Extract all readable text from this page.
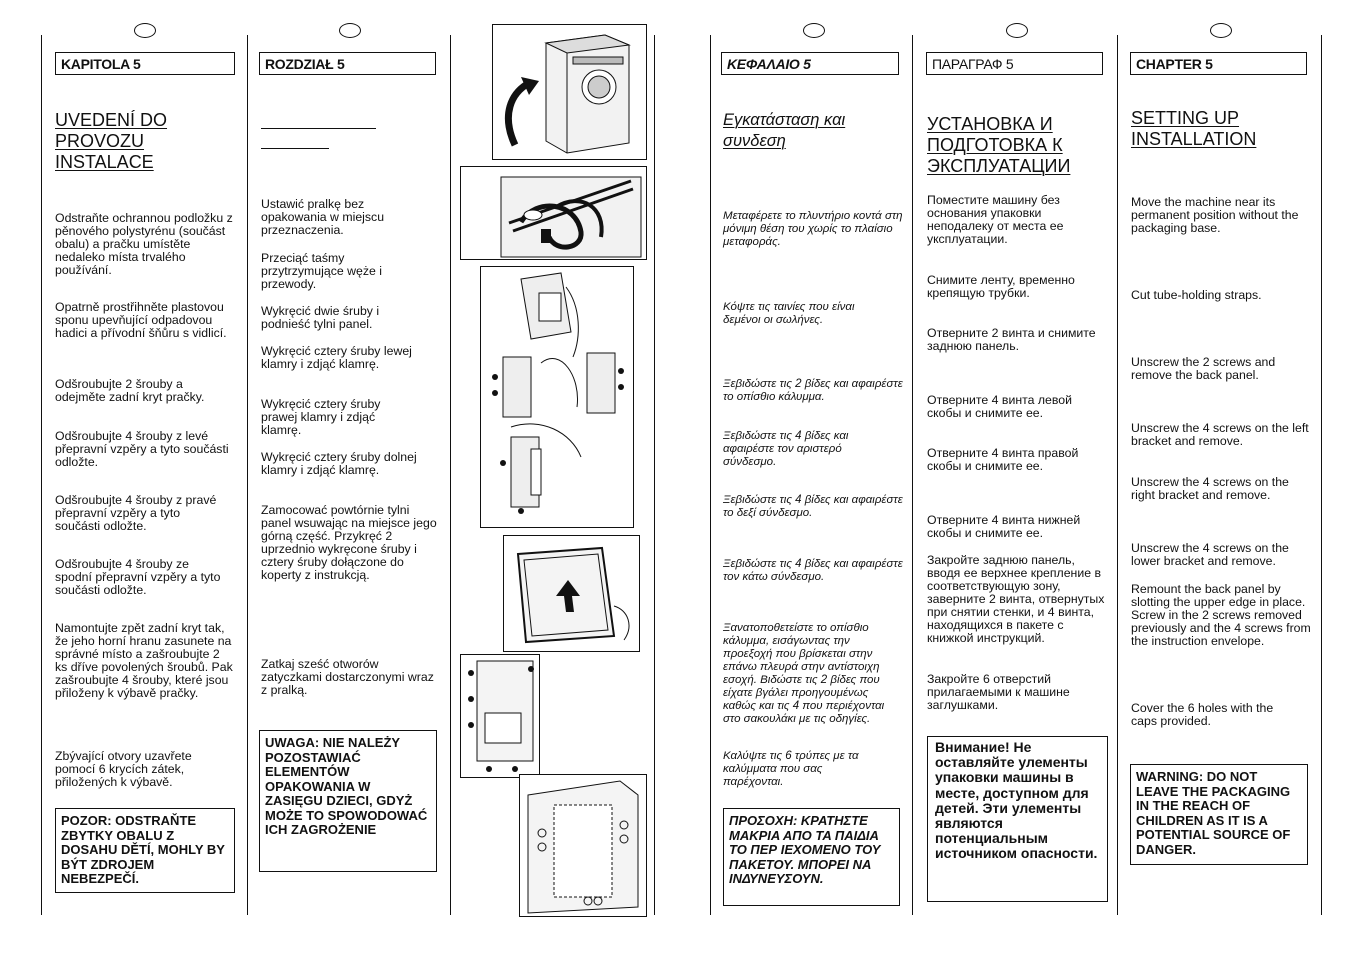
KAPITOLA 5
UVEDENÍ DO
PROVOZU
INSTALACE
Odstraňte ochrannou podložku z pěnového polystyrénu (součást obalu) a pračku umístěte nedaleko místa trvalého používání.
Opatrně prostřihněte plastovou sponu upevňující odpadovou hadici a přívodní šňůru s vidlicí.
Odšroubujte 2 šrouby a odejměte zadní kryt pračky.
Odšroubujte 4 šrouby z levé přepravní vzpěry a tyto součásti odložte.
Odšroubujte 4 šrouby z pravé přepravní vzpěry a tyto součásti odložte.
Odšroubujte 4 šrouby ze spodní přepravní vzpěry a tyto součásti odložte.
Namontujte zpět zadní kryt tak, že jeho horní hranu zasunete na správné místo a zašroubujte 2 ks dříve povolených šroubů. Pak zašroubujte 4 šrouby, které jsou přiloženy k výbavě pračky.
Zbývající otvory uzavřete pomocí 6 krycích zátek, přiložených k výbavě.
POZOR: ODSTRAŇTE ZBYTKY OBALU Z DOSAHU DĚTÍ, MOHLY BY BÝT ZDROJEM NEBEZPEČÍ.
ROZDZIAŁ 5
Ustawić pralkę bez opakowania w miejscu przeznaczenia.
Przeciąć taśmy przytrzymujące węże i przewody.
Wykręcić dwie śruby i podnieść tylni panel.
Wykręcić cztery śruby lewej klamry i zdjąć klamrę.
Wykręcić cztery śruby prawej klamry i zdjąć klamrę.
Wykręcić cztery śruby dolnej klamry i zdjąć klamrę.
Zamocować powtórnie tylni panel wsuwając na miejsce jego górną część. Przykręć 2 uprzednio wykręcone śruby i cztery śruby dołączone do koperty z instrukcją.
Zatkaj sześć otworów zatyczkami dostarczonymi wraz z pralką.
UWAGA: NIE NALEŻY POZOSTAWIAĆ ELEMENTÓW OPAKOWANIA W ZASIĘGU DZIECI, GDYŻ MOŻE TO SPOWODOWAĆ ICH ZAGROŻENIE
ΚΕΦΑΛΑΙΟ 5
Εγκατάσταση και
συνδεση
Μεταφέρετε το πλυντήριο κοντά στη μόνιμη θέση του χωρίς το πλαίσιο μεταφοράς.
Κόψτε τις ταινίες που είναι δεμένοι οι σωλήνες.
Ξεβιδώστε τις 2 βίδες και αφαιρέστε το οπίσθιο κάλυμμα.
Ξεβιδώστε τις 4 βίδες και αφαιρέστε τον αριστερό σύνδεσμο.
Ξεβιδώστε τις 4 βίδες και αφαιρέστε το δεξί σύνδεσμο.
Ξεβιδώστε τις 4 βίδες και αφαιρέστε τον κάτω σύνδεσμο.
Ξανατοποθετείστε το οπίσθιο κάλυμμα, εισάγωντας την προεξοχή που βρίσκεται στην επάνω πλευρά στην αντίστοιχη εσοχή. Βιδώστε τις 2 βίδες που είχατε βγάλει προηγουμένως καθώς και τις 4 που περιέχονται στο σακουλάκι με τις οδηγίες.
Καλύψτε τις 6 τρύπες με τα καλύμματα που σας παρέχονται.
ΠΡΟΣΟΧΗ: ΚΡΑΤΗΣΤΕ ΜΑΚΡΙΑ ΑΠΟ ΤΑ ΠΑΙΔΙΑ ΤΟ ΠΕΡ ΙΕΧΟΜΕΝΟ ΤΟΥ ΠΑΚΕΤΟΥ. ΜΠΟΡΕΙ ΝΑ ΙΝΔΥΝΕΥΣΟΥΝ.
ПАРАГРАФ 5
УСТАНОВКА И
ПОДГОТОВКА К
ЭКСПЛУАТАЦИИ
Поместите машину без основания упаковки неподалеку от места ее укcплуатации.
Снимите ленту, временно крепящую трубки.
Отверните 2 винта и снимите заднюю панель.
Отверните 4 винта левой скобы и снимите ее.
Отверните 4 винта правой скобы и снимите ее.
Отверните 4 винта нижней скобы и снимите ее.
Закройте заднюю панель, вводя ее верхнее крепление в соответствующую зону, заверните 2 винта, отвернутых при снятии стенки, и 4 винта, находящихся в пакете с книжкой инструкций.
Закройте 6 отверстий прилагаемыми к машине заглушками.
Внимание! Не оставляйте улементы упаковки машины в месте, доступном для детей. Эти улементы являются потенциальным источником опасности.
CHAPTER 5
SETTING UP
INSTALLATION
Move the machine near its permanent position without the packaging base.
Cut tube-holding straps.
Unscrew the 2 screws and remove the back panel.
Unscrew the 4 screws on the left bracket and remove.
Unscrew the 4 screws on the right bracket and remove.
Unscrew the 4 screws on the lower bracket and remove.
Remount the back panel by slotting the upper edge in place. Screw in the 2 screws removed previously and the 4 screws from the instruction envelope.
Cover the 6 holes with the caps provided.
WARNING: DO NOT LEAVE THE PACKAGING IN THE REACH OF CHILDREN AS IT IS A POTENTIAL SOURCE OF DANGER.
